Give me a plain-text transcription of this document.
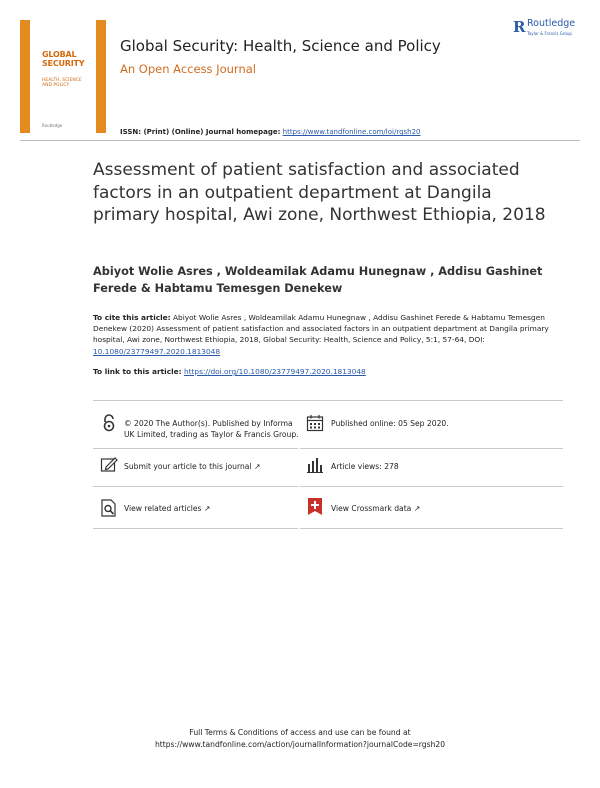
GLOBAL
SECURITY
HEALTH, SCIENCE
AND POLICY
Routledge
Global Security: Health, Science and Policy
An Open Access Journal
R Routledge
Taylor & Francis Group
ISSN: (Print) (Online) Journal homepage: https://www.tandfonline.com/loi/rgsh20
Assessment of patient satisfaction and associated factors in an outpatient department at Dangila primary hospital, Awi zone, Northwest Ethiopia, 2018
Abiyot Wolie Asres , Woldeamilak Adamu Hunegnaw , Addisu Gashinet Ferede & Habtamu Temesgen Denekew
To cite this article: Abiyot Wolie Asres , Woldeamilak Adamu Hunegnaw , Addisu Gashinet Ferede & Habtamu Temesgen Denekew (2020) Assessment of patient satisfaction and associated factors in an outpatient department at Dangila primary hospital, Awi zone, Northwest Ethiopia, 2018, Global Security: Health, Science and Policy, 5:1, 57-64, DOI: 10.1080/23779497.2020.1813048
To link to this article: https://doi.org/10.1080/23779497.2020.1813048
© 2020 The Author(s). Published by Informa UK Limited, trading as Taylor & Francis Group.
Published online: 05 Sep 2020.
Submit your article to this journal ↗	Article views: 278
View related articles ↗	View Crossmark data ↗
Full Terms & Conditions of access and use can be found at
https://www.tandfonline.com/action/journalInformation?journalCode=rgsh20
